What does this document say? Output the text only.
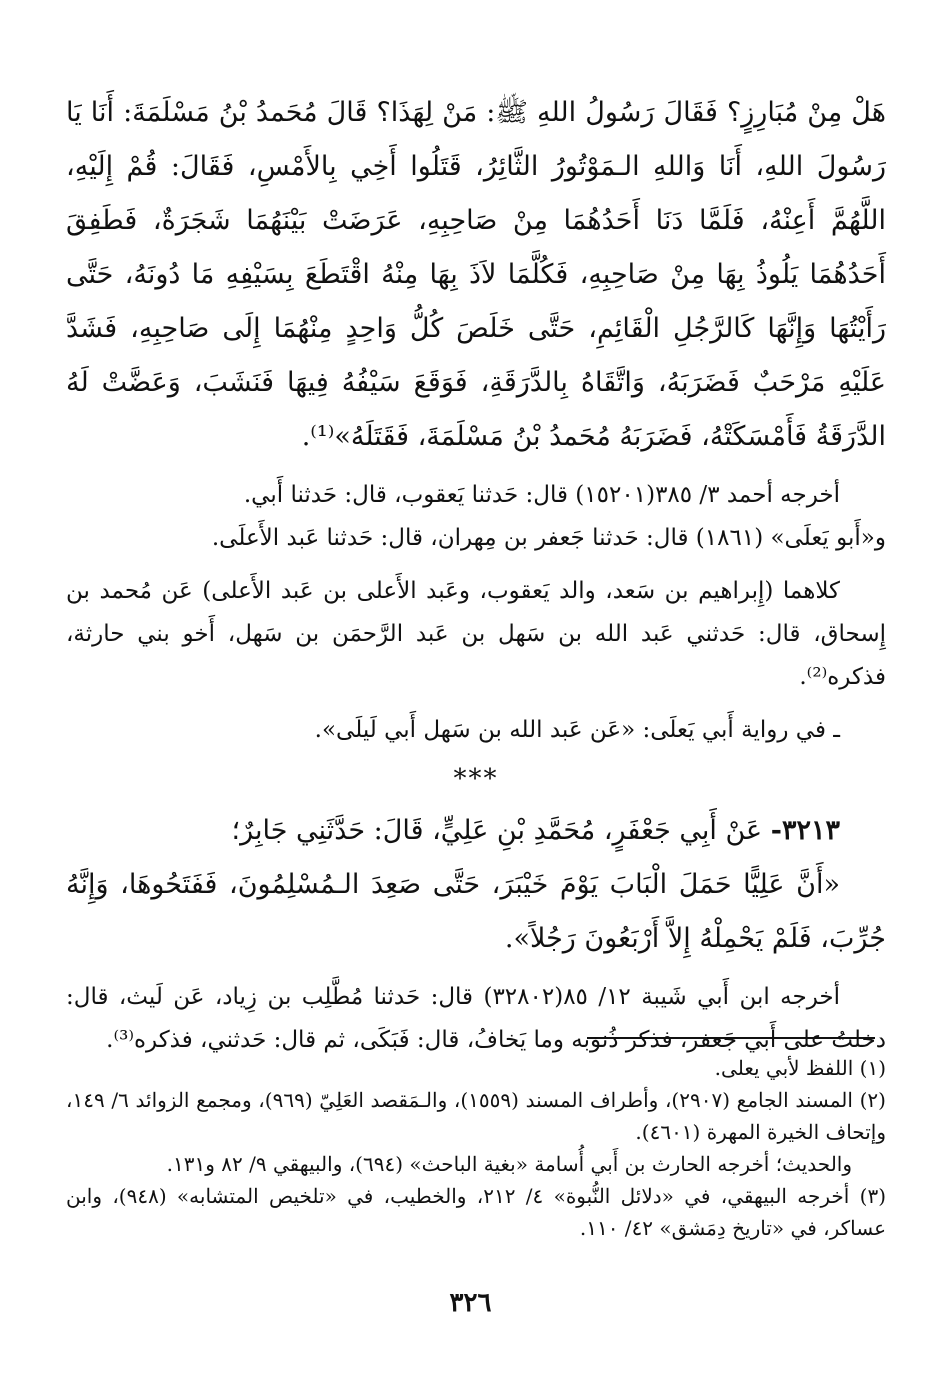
هَلْ مِنْ مُبَارِزٍ؟ فَقَالَ رَسُولُ اللهِ ﷺ: مَنْ لِهَذَا؟ قَالَ مُحَمدُ بْنُ مَسْلَمَةَ: أَنَا يَا رَسُولَ اللهِ، أَنَا وَاللهِ الـمَوْتُورُ الثَّائِرُ، قَتَلُوا أَخِي بِالأَمْسِ، فَقَالَ: قُمْ إِلَيْهِ، اللَّهُمَّ أَعِنْهُ، فَلَمَّا دَنَا أَحَدُهُمَا مِنْ صَاحِبِهِ، عَرَضَتْ بَيْنَهُمَا شَجَرَةٌ، فَطَفِقَ أَحَدُهُمَا يَلُوذُ بِهَا مِنْ صَاحِبِهِ، فَكُلَّمَا لاَذَ بِهَا مِنْهُ اقْتَطَعَ بِسَيْفِهِ مَا دُونَهُ، حَتَّى رَأَيْتُهَا وَإِنَّهَا كَالرَّجُلِ الْقَائِمِ، حَتَّى خَلَصَ كُلُّ وَاحِدٍ مِنْهُمَا إِلَى صَاحِبِهِ، فَشَدَّ عَلَيْهِ مَرْحَبٌ فَضَرَبَهُ، وَاتَّقَاهُ بِالدَّرَقَةِ، فَوَقَعَ سَيْفُهُ فِيهَا فَنَشَبَ، وَعَضَّتْ لَهُ الدَّرَقَةُ فَأَمْسَكَتْهُ، فَضَرَبَهُ مُحَمدُ بْنُ مَسْلَمَةَ، فَقَتَلَهُ»⁽¹⁾.

أخرجه أحمد ٣/ ٣٨٥(١٥٢٠١) قال: حَدثنا يَعقوب، قال: حَدثنا أَبي.

و«أَبو يَعلَى» (١٨٦١) قال: حَدثنا جَعفر بن مِهران، قال: حَدثنا عَبد الأَعلَى.

كلاهما (إِبراهيم بن سَعد، والد يَعقوب، وعَبد الأَعلى بن عَبد الأَعلى) عَن مُحمد بن إِسحاق، قال: حَدثني عَبد الله بن سَهل بن عَبد الرَّحمَن بن سَهل، أَخو بني حارثة، فذكره⁽²⁾.

ـ في رواية أَبي يَعلَى: «عَن عَبد الله بن سَهل أَبي لَيلَى».

***

٣٢١٣- عَنْ أَبِي جَعْفَرٍ، مُحَمَّدِ بْنِ عَلِيٍّ، قَالَ: حَدَّثَنِي جَابِرٌ؛

«أَنَّ عَلِيًّا حَمَلَ الْبَابَ يَوْمَ خَيْبَرَ، حَتَّى صَعِدَ الـمُسْلِمُونَ، فَفَتَحُوهَا، وَإِنَّهُ جُرِّبَ، فَلَمْ يَحْمِلْهُ إِلاَّ أَرْبَعُونَ رَجُلاً».

أخرجه ابن أَبي شَيبة ١٢/ ٨٥(٣٢٨٠٢) قال: حَدثنا مُطَّلِب بن زِياد، عَن لَيث، قال: دخلتُ على أَبي جَعفر، فذكر ذُنوبه وما يَخافُ، قال: فَبَكَى، ثم قال: حَدثني، فذكره⁽³⁾.

(١) اللفظ لأبي يعلى.

(٢) المسند الجامع (٢٩٠٧)، وأطراف المسند (١٥٥٩)، والـمَقصد العَلِيّ (٩٦٩)، ومجمع الزوائد ٦/ ١٤٩، وإتحاف الخيرة المهرة (٤٦٠١).

والحديث؛ أخرجه الحارث بن أَبي أُسامة «بغية الباحث» (٦٩٤)، والبيهقي ٩/ ٨٢ و١٣١.

(٣) أخرجه البيهقي، في «دلائل النُّبوة» ٤/ ٢١٢، والخطيب، في «تلخيص المتشابه» (٩٤٨)، وابن عساكر، في «تاريخ دِمَشق» ٤٢/ ١١٠.

٣٢٦
